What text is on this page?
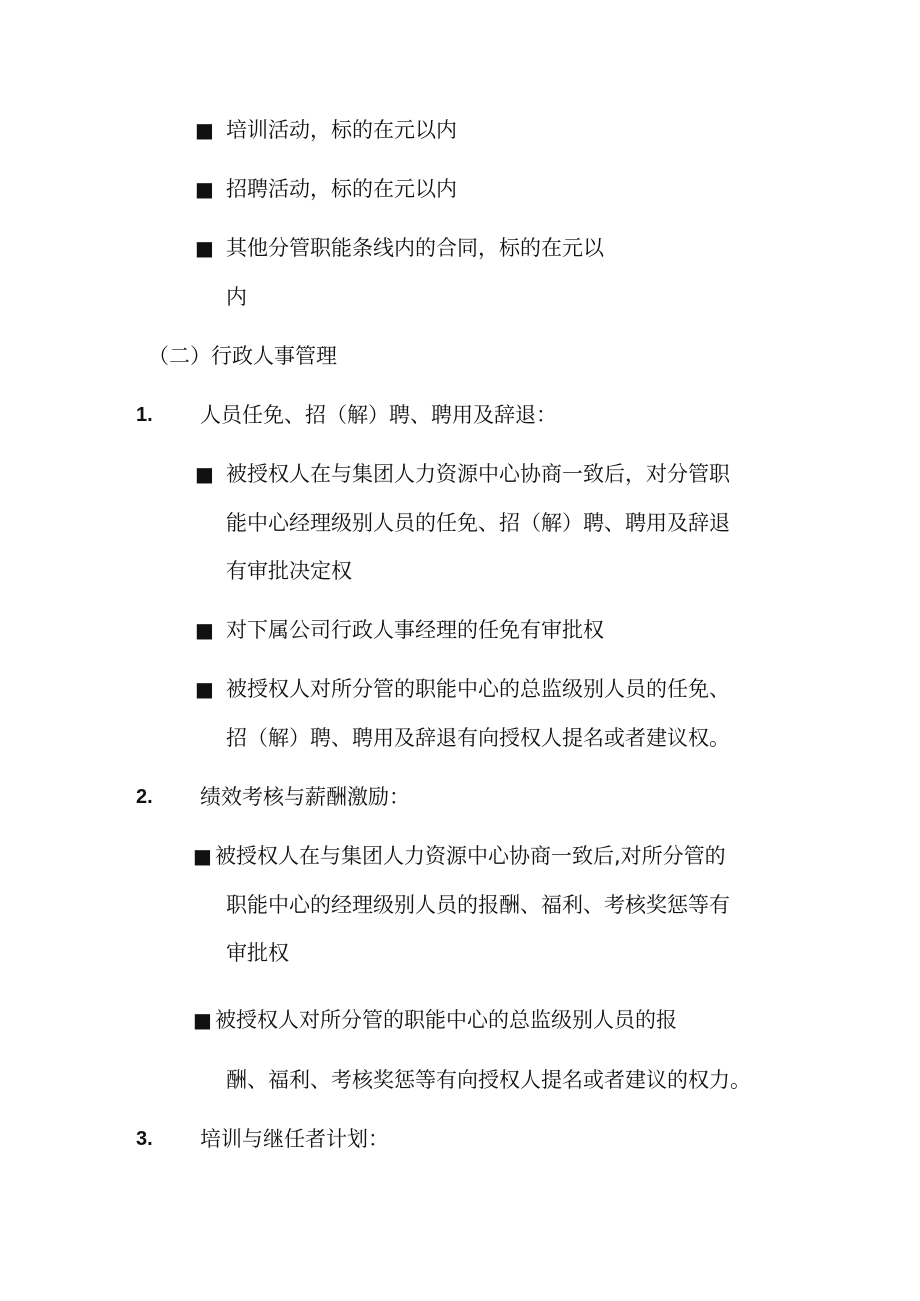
■ 培训活动，标的在元以内
■ 招聘活动，标的在元以内
■ 其他分管职能条线内的合同，标的在元以
内
（二）行政人事管理
1. 人员任免、招（解）聘、聘用及辞退：
■ 被授权人在与集团人力资源中心协商一致后，对分管职
能中心经理级别人员的任免、招（解）聘、聘用及辞退
有审批决定权
■ 对下属公司行政人事经理的任免有审批权
■ 被授权人对所分管的职能中心的总监级别人员的任免、
招（解）聘、聘用及辞退有向授权人提名或者建议权。
2. 绩效考核与薪酬激励：
■ 被授权人在与集团人力资源中心协商一致后,对所分管的
职能中心的经理级别人员的报酬、福利、考核奖惩等有
审批权
■ 被授权人对所分管的职能中心的总监级别人员的报
酬、福利、考核奖惩等有向授权人提名或者建议的权力。
3. 培训与继任者计划：
